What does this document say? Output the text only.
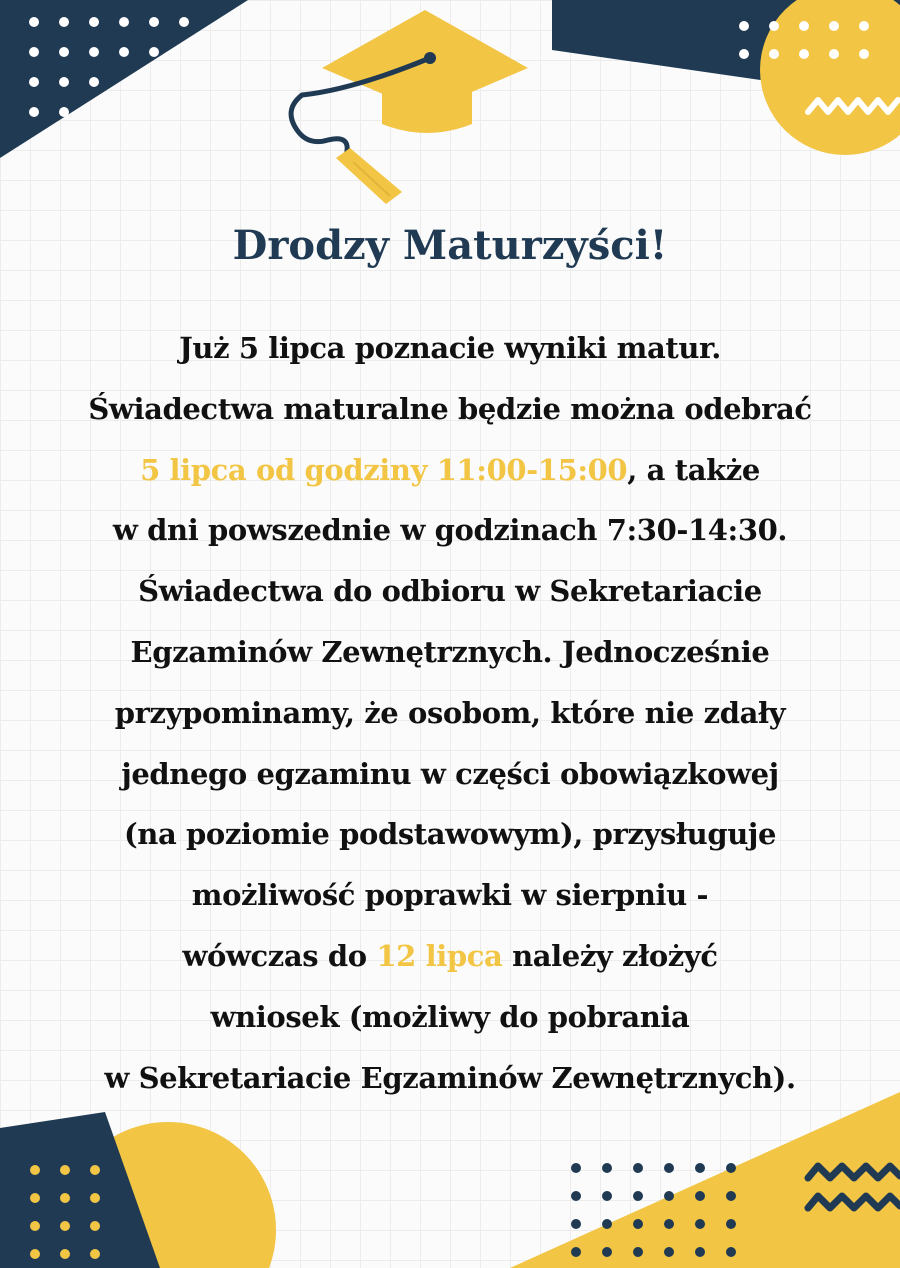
Drodzy Maturzyści!
Już 5 lipca poznacie wyniki matur.
Świadectwa maturalne będzie można odebrać
5 lipca od godziny 11:00-15:00, a także
w dni powszednie w godzinach 7:30-14:30.
Świadectwa do odbioru w Sekretariacie
Egzaminów Zewnętrznych. Jednocześnie
przypominamy, że osobom, które nie zdały
jednego egzaminu w części obowiązkowej
(na poziomie podstawowym), przysługuje
możliwość poprawki w sierpniu -
wówczas do 12 lipca należy złożyć
wniosek (możliwy do pobrania
w Sekretariacie Egzaminów Zewnętrznych).
